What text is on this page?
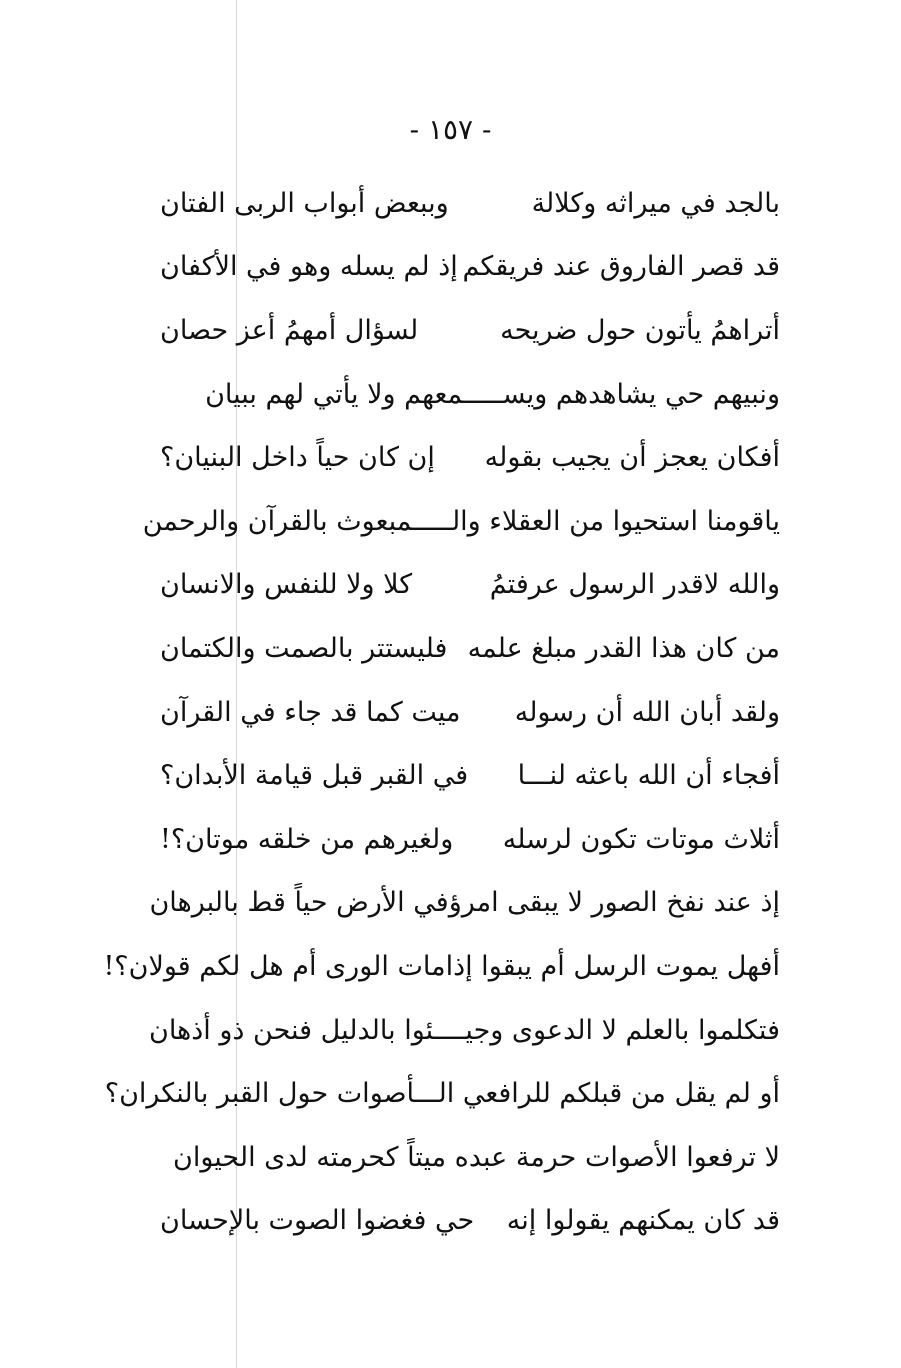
- ١٥٧ -
بالجد في ميراثه وكلالة
وببعض أبواب الربى الفتان
قد قصر الفاروق عند فريقكم
إذ لم يسله وهو في الأكفان
أتراهمُ يأتون حول ضريحه
لسؤال أمهمُ أعز حصان
ونبيهم حي يشاهدهم ويســـــمعهم ولا يأتي لهم ببيان
أفكان يعجز أن يجيب بقوله
إن كان حياً داخل البنيان؟
ياقومنا استحيوا من العقلاء والـــــمبعوث بالقرآن والرحمن
والله لاقدر الرسول عرفتمُ
كلا ولا للنفس والانسان
من كان هذا القدر مبلغ علمه
فليستتر بالصمت والكتمان
ولقد أبان الله أن رسوله
ميت كما قد جاء في القرآن
أفجاء أن الله باعثه لنـــا
في القبر قبل قيامة الأبدان؟
أثلاث موتات تكون لرسله
ولغيرهم من خلقه موتان؟!
إذ عند نفخ الصور لا يبقى امرؤ
في الأرض حياً قط بالبرهان
أفهل يموت الرسل أم يبقوا إذا
مات الورى أم هل لكم قولان؟!
فتكلموا بالعلم لا الدعوى وجيــــئوا بالدليل فنحن ذو أذهان
أو لم يقل من قبلكم للرافعي الـــأصوات حول القبر بالنكران؟
لا ترفعوا الأصوات حرمة عبده ميتاً كحرمته لدى الحيوان
قد كان يمكنهم يقولوا إنه
حي فغضوا الصوت بالإحسان
